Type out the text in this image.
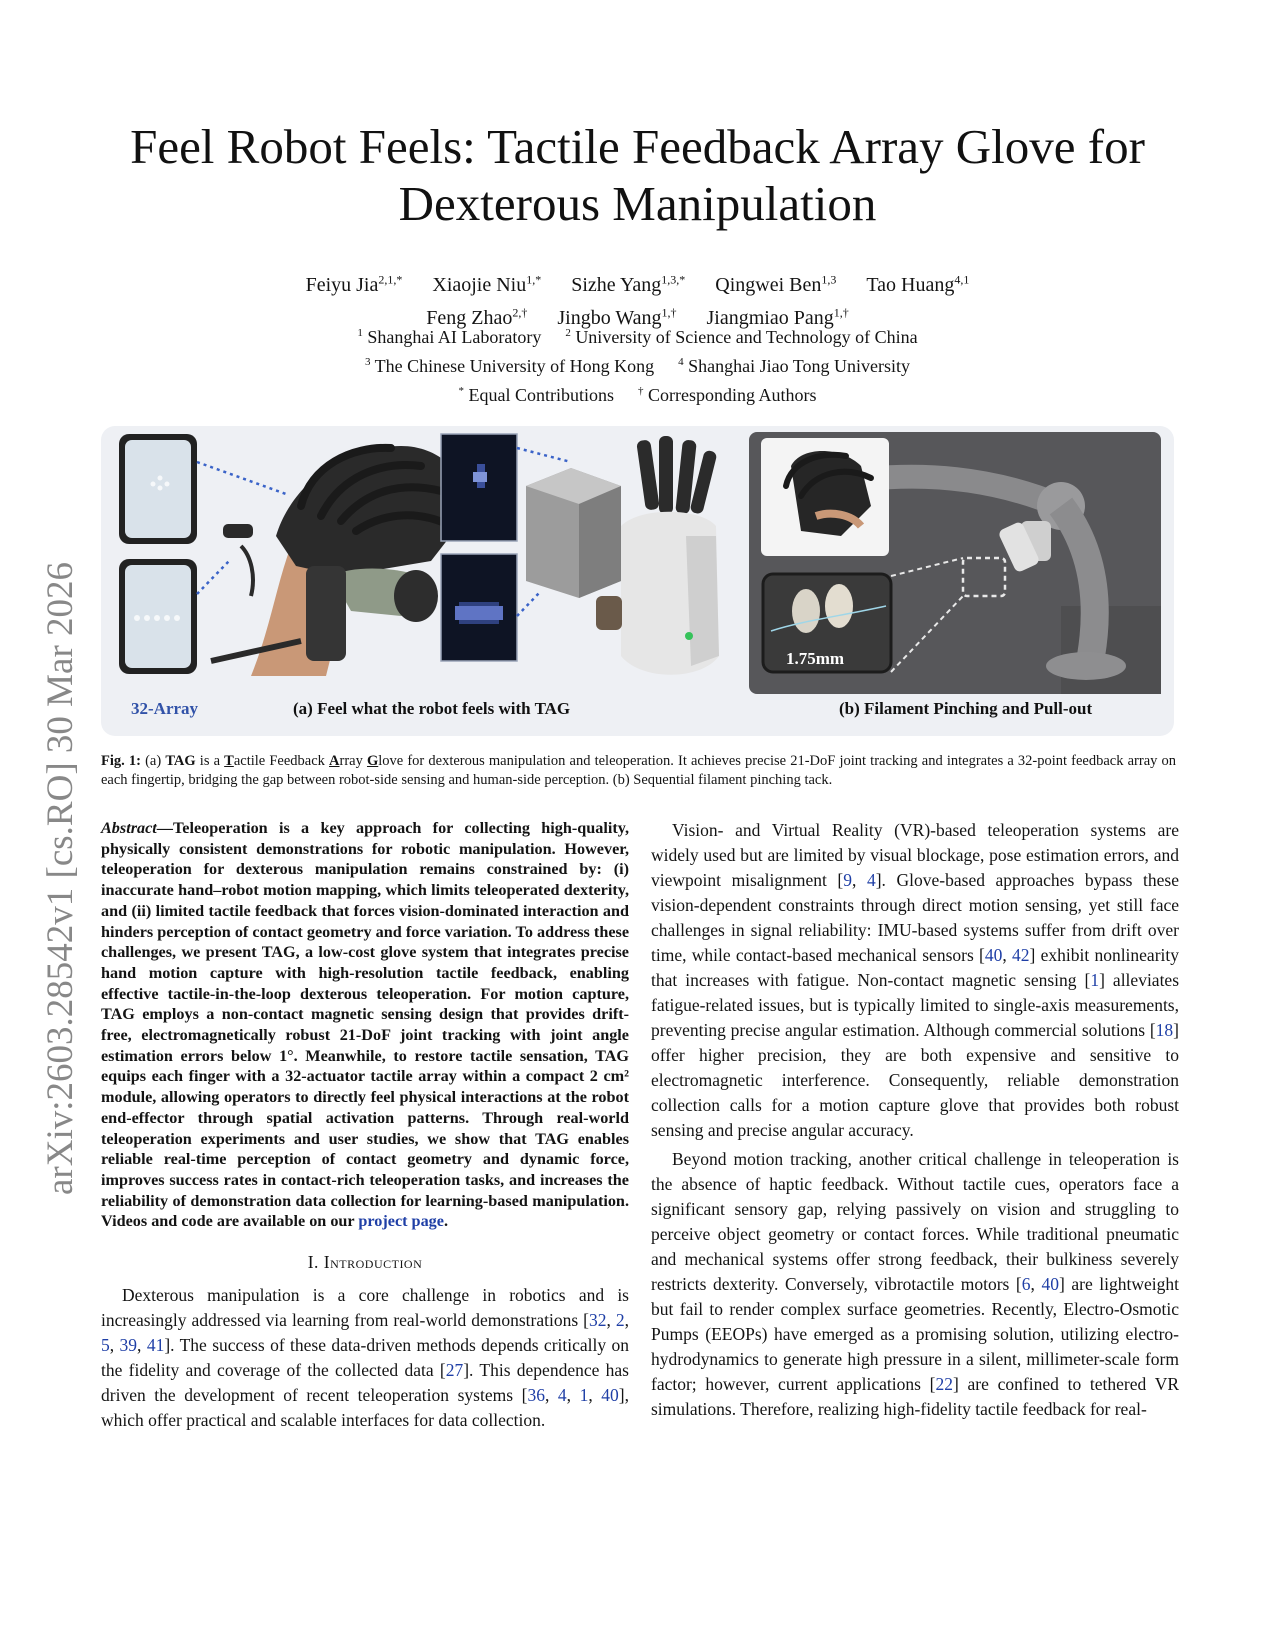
arXiv:2603.28542v1 [cs.RO] 30 Mar 2026
Feel Robot Feels: Tactile Feedback Array Glove for Dexterous Manipulation
Feiyu Jia$^{2,1,*}$ Xiaojie Niu$^{1,*}$ Sizhe Yang$^{1,3,*}$ Qingwei Ben$^{1,3}$ Tao Huang$^{4,1}$
Feng Zhao$^{2,\dagger}$ Jingbo Wang$^{1,\dagger}$ Jiangmiao Pang$^{1,\dagger}$
$^1$ Shanghai AI Laboratory $^2$ University of Science and Technology of China
$^3$ The Chinese University of Hong Kong $^4$ Shanghai Jiao Tong University
* Equal Contributions † Corresponding Authors
1.75mm
32-Array	(a) Feel what the robot feels with TAG	(b) Filament Pinching and Pull-out
Fig. 1: (a) TAG is a Tactile Feedback Array Glove for dexterous manipulation and teleoperation. It achieves precise 21-DoF joint tracking and integrates a 32-point feedback array on each fingertip, bridging the gap between robot-side sensing and human-side perception. (b) Sequential filament pinching tack.

Abstract—Teleoperation is a key approach for collecting high-quality, physically consistent demonstrations for robotic manipulation. However, teleoperation for dexterous manipulation remains constrained by: (i) inaccurate hand–robot motion mapping, which limits teleoperated dexterity, and (ii) limited tactile feedback that forces vision-dominated interaction and hinders perception of contact geometry and force variation. To address these challenges, we present TAG, a low-cost glove system that integrates precise hand motion capture with high-resolution tactile feedback, enabling effective tactile-in-the-loop dexterous teleoperation. For motion capture, TAG employs a non-contact magnetic sensing design that provides drift-free, electromagnetically robust 21-DoF joint tracking with joint angle estimation errors below 1°. Meanwhile, to restore tactile sensation, TAG equips each finger with a 32-actuator tactile array within a compact 2 cm² module, allowing operators to directly feel physical interactions at the robot end-effector through spatial activation patterns. Through real-world teleoperation experiments and user studies, we show that TAG enables reliable real-time perception of contact geometry and dynamic force, improves success rates in contact-rich teleoperation tasks, and increases the reliability of demonstration data collection for learning-based manipulation. Videos and code are available on our project page.

I. Introduction

Dexterous manipulation is a core challenge in robotics and is increasingly addressed via learning from real-world demonstrations [32, 2, 5, 39, 41]. The success of these data-driven methods depends critically on the fidelity and coverage of the collected data [27]. This dependence has driven the development of recent teleoperation systems [36, 4, 1, 40], which offer practical and scalable interfaces for data collection.

Vision- and Virtual Reality (VR)-based teleoperation systems are widely used but are limited by visual blockage, pose estimation errors, and viewpoint misalignment [9, 4]. Glove-based approaches bypass these vision-dependent constraints through direct motion sensing, yet still face challenges in signal reliability: IMU-based systems suffer from drift over time, while contact-based mechanical sensors [40, 42] exhibit nonlinearity that increases with fatigue. Non-contact magnetic sensing [1] alleviates fatigue-related issues, but is typically limited to single-axis measurements, preventing precise angular estimation. Although commercial solutions [18] offer higher precision, they are both expensive and sensitive to electromagnetic interference. Consequently, reliable demonstration collection calls for a motion capture glove that provides both robust sensing and precise angular accuracy.

Beyond motion tracking, another critical challenge in teleoperation is the absence of haptic feedback. Without tactile cues, operators face a significant sensory gap, relying passively on vision and struggling to perceive object geometry or contact forces. While traditional pneumatic and mechanical systems offer strong feedback, their bulkiness severely restricts dexterity. Conversely, vibrotactile motors [6, 40] are lightweight but fail to render complex surface geometries. Recently, Electro-Osmotic Pumps (EEOPs) have emerged as a promising solution, utilizing electro-hydrodynamics to generate high pressure in a silent, millimeter-scale form factor; however, current applications [22] are confined to tethered VR simulations. Therefore, realizing high-fidelity tactile feedback for real-
